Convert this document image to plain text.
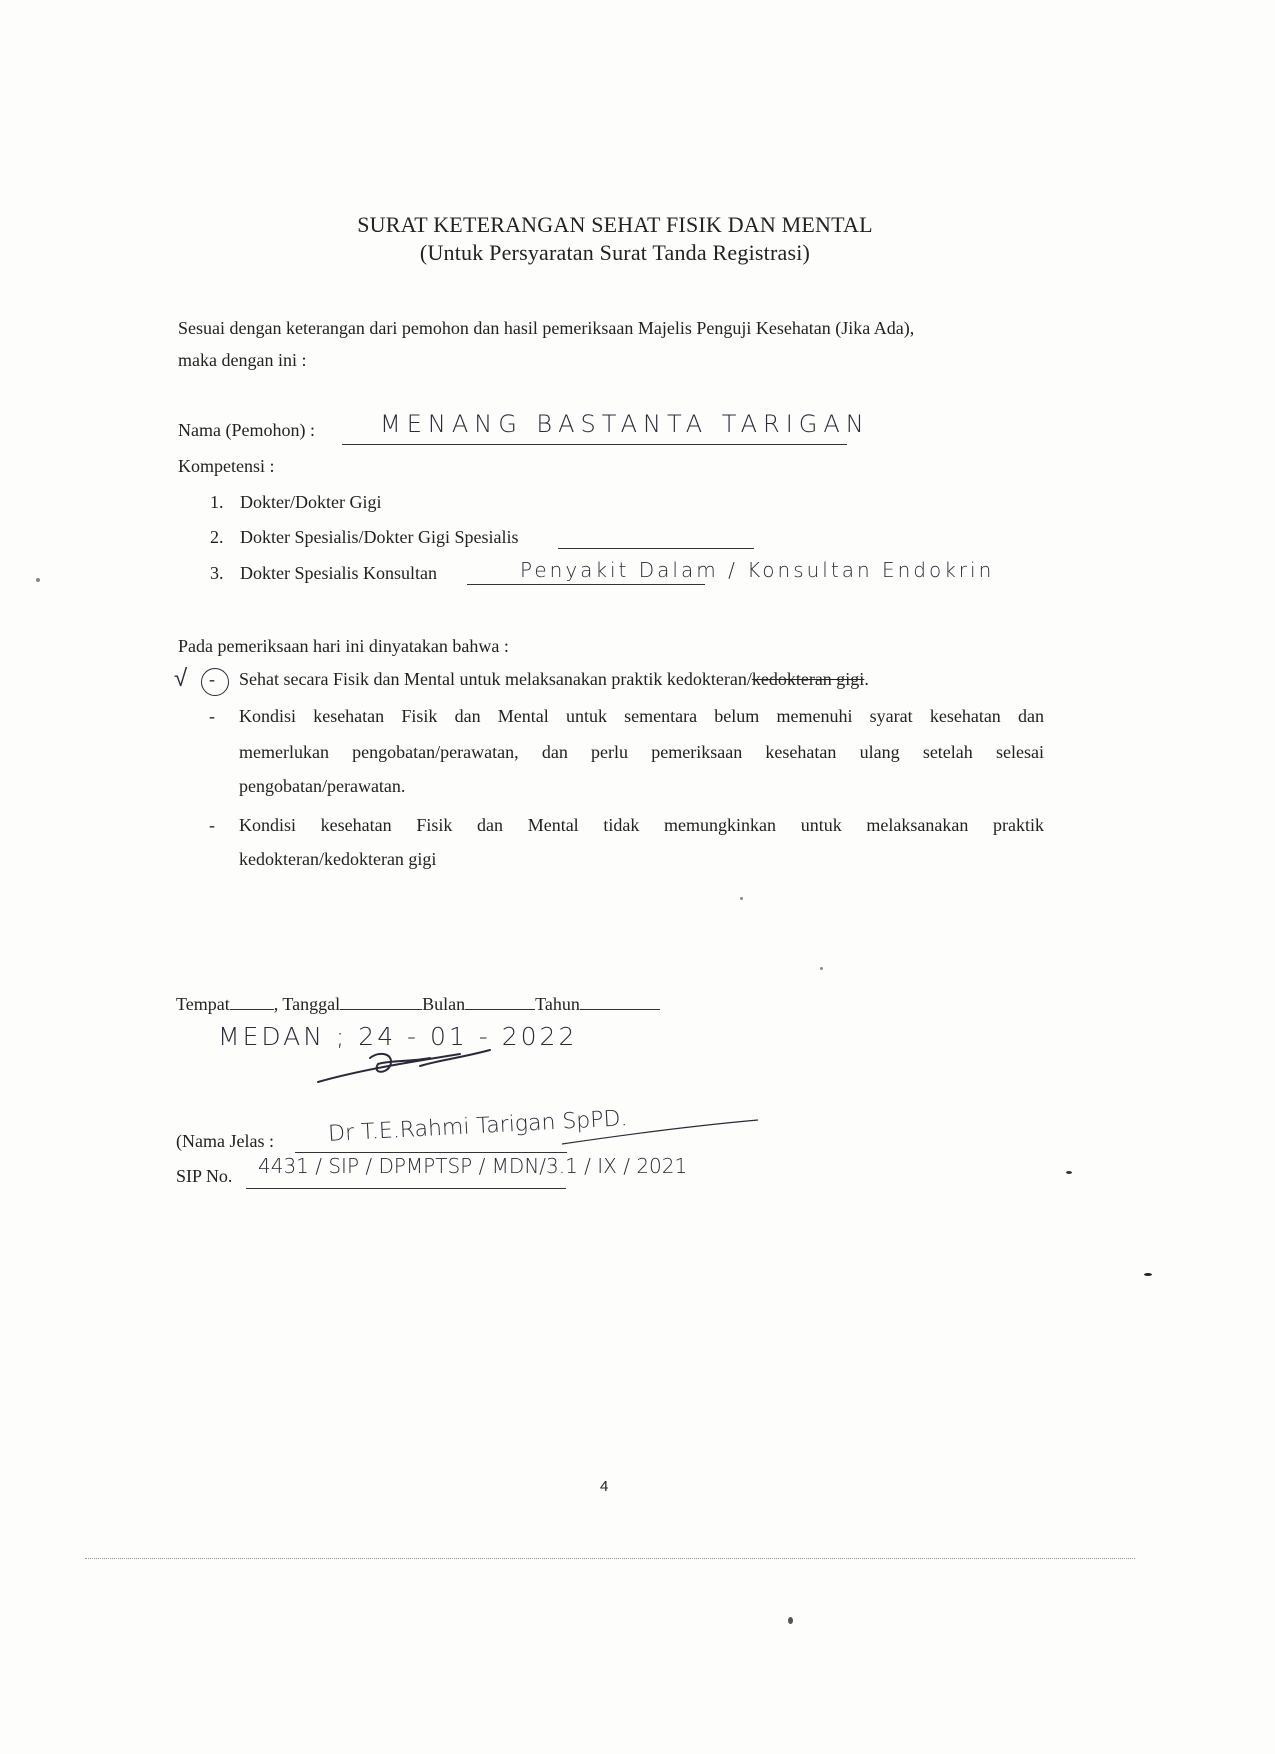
SURAT KETERANGAN SEHAT FISIK DAN MENTAL
(Untuk Persyaratan Surat Tanda Registrasi)
Sesuai dengan keterangan dari pemohon dan hasil pemeriksaan Majelis Penguji Kesehatan (Jika Ada),
maka dengan ini :
Nama (Pemohon) :	MENANG BASTANTA TARIGAN
Kompetensi :
1. Dokter/Dokter Gigi
2. Dokter Spesialis/Dokter Gigi Spesialis
3. Dokter Spesialis Konsultan	Penyakit Dalam / Konsultan Endokrin
Pada pemeriksaan hari ini dinyatakan bahwa :
√ - Sehat secara Fisik dan Mental untuk melaksanakan praktik kedokteran/kedokteran gigi.
- Kondisi kesehatan Fisik dan Mental untuk sementara belum memenuhi syarat kesehatan dan
memerlukan pengobatan/perawatan, dan perlu pemeriksaan kesehatan ulang setelah selesai
pengobatan/perawatan.
- Kondisi kesehatan Fisik dan Mental tidak memungkinkan untuk melaksanakan praktik
kedokteran/kedokteran gigi
Tempat , Tanggal	Bulan	Tahun
MEDAN ; 24 - 01 - 2022
(Nama Jelas : Dr T.E.Rahmi Tarigan SpPD.
SIP No. 4431 / SIP / DPMPTSP / MDN/3.1 / IX / 2021
4
